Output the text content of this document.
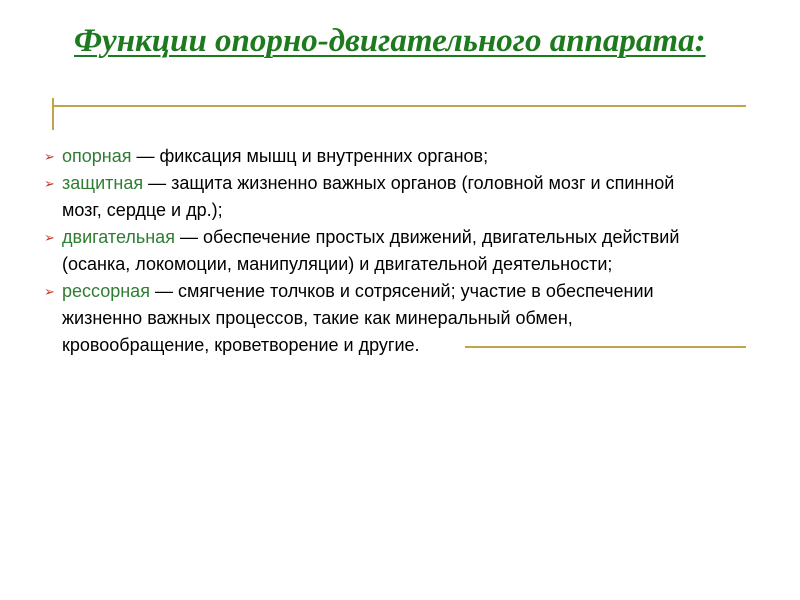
Функции опорно-двигательного аппарата:
➢ опорная — фиксация мышц и внутренних органов;
➢ защитная — защита жизненно важных органов (головной мозг и спинной мозг, сердце и др.);
➢ двигательная — обеспечение простых движений, двигательных действий (осанка, локомоции, манипуляции) и двигательной деятельности;
➢ рессорная — смягчение толчков и сотрясений; участие в обеспечении жизненно важных процессов, такие как минеральный обмен, кровообращение, кроветворение и другие.
